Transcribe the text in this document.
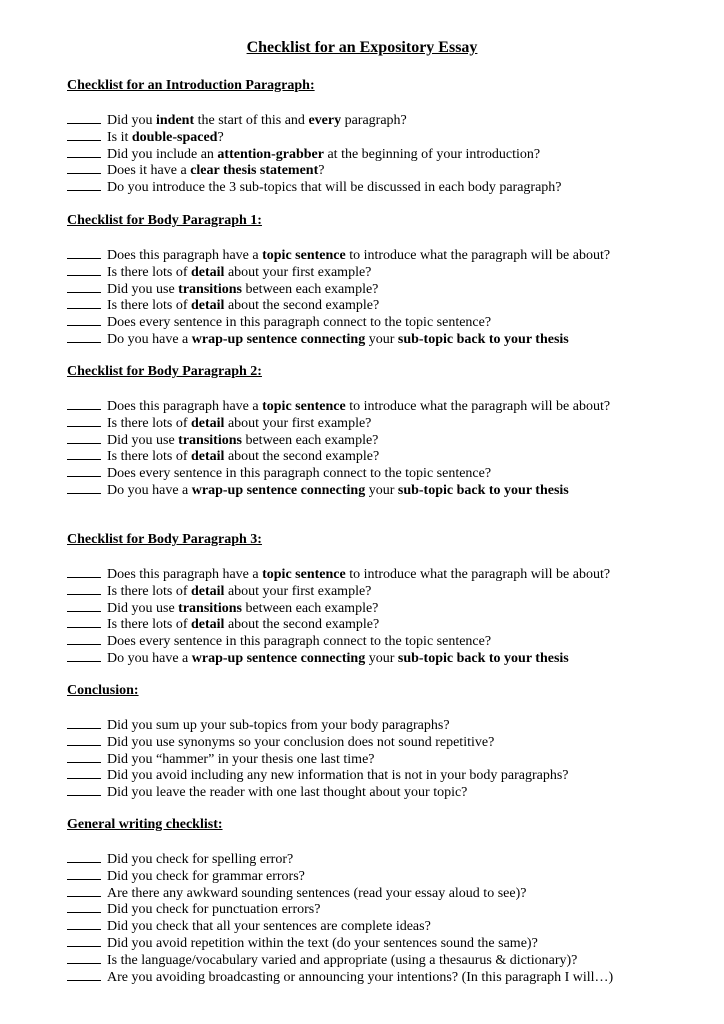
Checklist for an Expository Essay
Checklist for an Introduction Paragraph:
Did you indent the start of this and every paragraph?
Is it double-spaced?
Did you include an attention-grabber at the beginning of your introduction?
Does it have a clear thesis statement?
Do you introduce the 3 sub-topics that will be discussed in each body paragraph?
Checklist for Body Paragraph 1:
Does this paragraph have a topic sentence to introduce what the paragraph will be about?
Is there lots of detail about your first example?
Did you use transitions between each example?
Is there lots of detail about the second example?
Does every sentence in this paragraph connect to the topic sentence?
Do you have a wrap-up sentence connecting your sub-topic back to your thesis
Checklist for Body Paragraph 2:
Does this paragraph have a topic sentence to introduce what the paragraph will be about?
Is there lots of detail about your first example?
Did you use transitions between each example?
Is there lots of detail about the second example?
Does every sentence in this paragraph connect to the topic sentence?
Do you have a wrap-up sentence connecting your sub-topic back to your thesis
Checklist for Body Paragraph 3:
Does this paragraph have a topic sentence to introduce what the paragraph will be about?
Is there lots of detail about your first example?
Did you use transitions between each example?
Is there lots of detail about the second example?
Does every sentence in this paragraph connect to the topic sentence?
Do you have a wrap-up sentence connecting your sub-topic back to your thesis
Conclusion:
Did you sum up your sub-topics from your body paragraphs?
Did you use synonyms so your conclusion does not sound repetitive?
Did you “hammer” in your thesis one last time?
Did you avoid including any new information that is not in your body paragraphs?
Did you leave the reader with one last thought about your topic?
General writing checklist:
Did you check for spelling error?
Did you check for grammar errors?
Are there any awkward sounding sentences (read your essay aloud to see)?
Did you check for punctuation errors?
Did you check that all your sentences are complete ideas?
Did you avoid repetition within the text (do your sentences sound the same)?
Is the language/vocabulary varied and appropriate (using a thesaurus & dictionary)?
Are you avoiding broadcasting or announcing your intentions? (In this paragraph I will…)
